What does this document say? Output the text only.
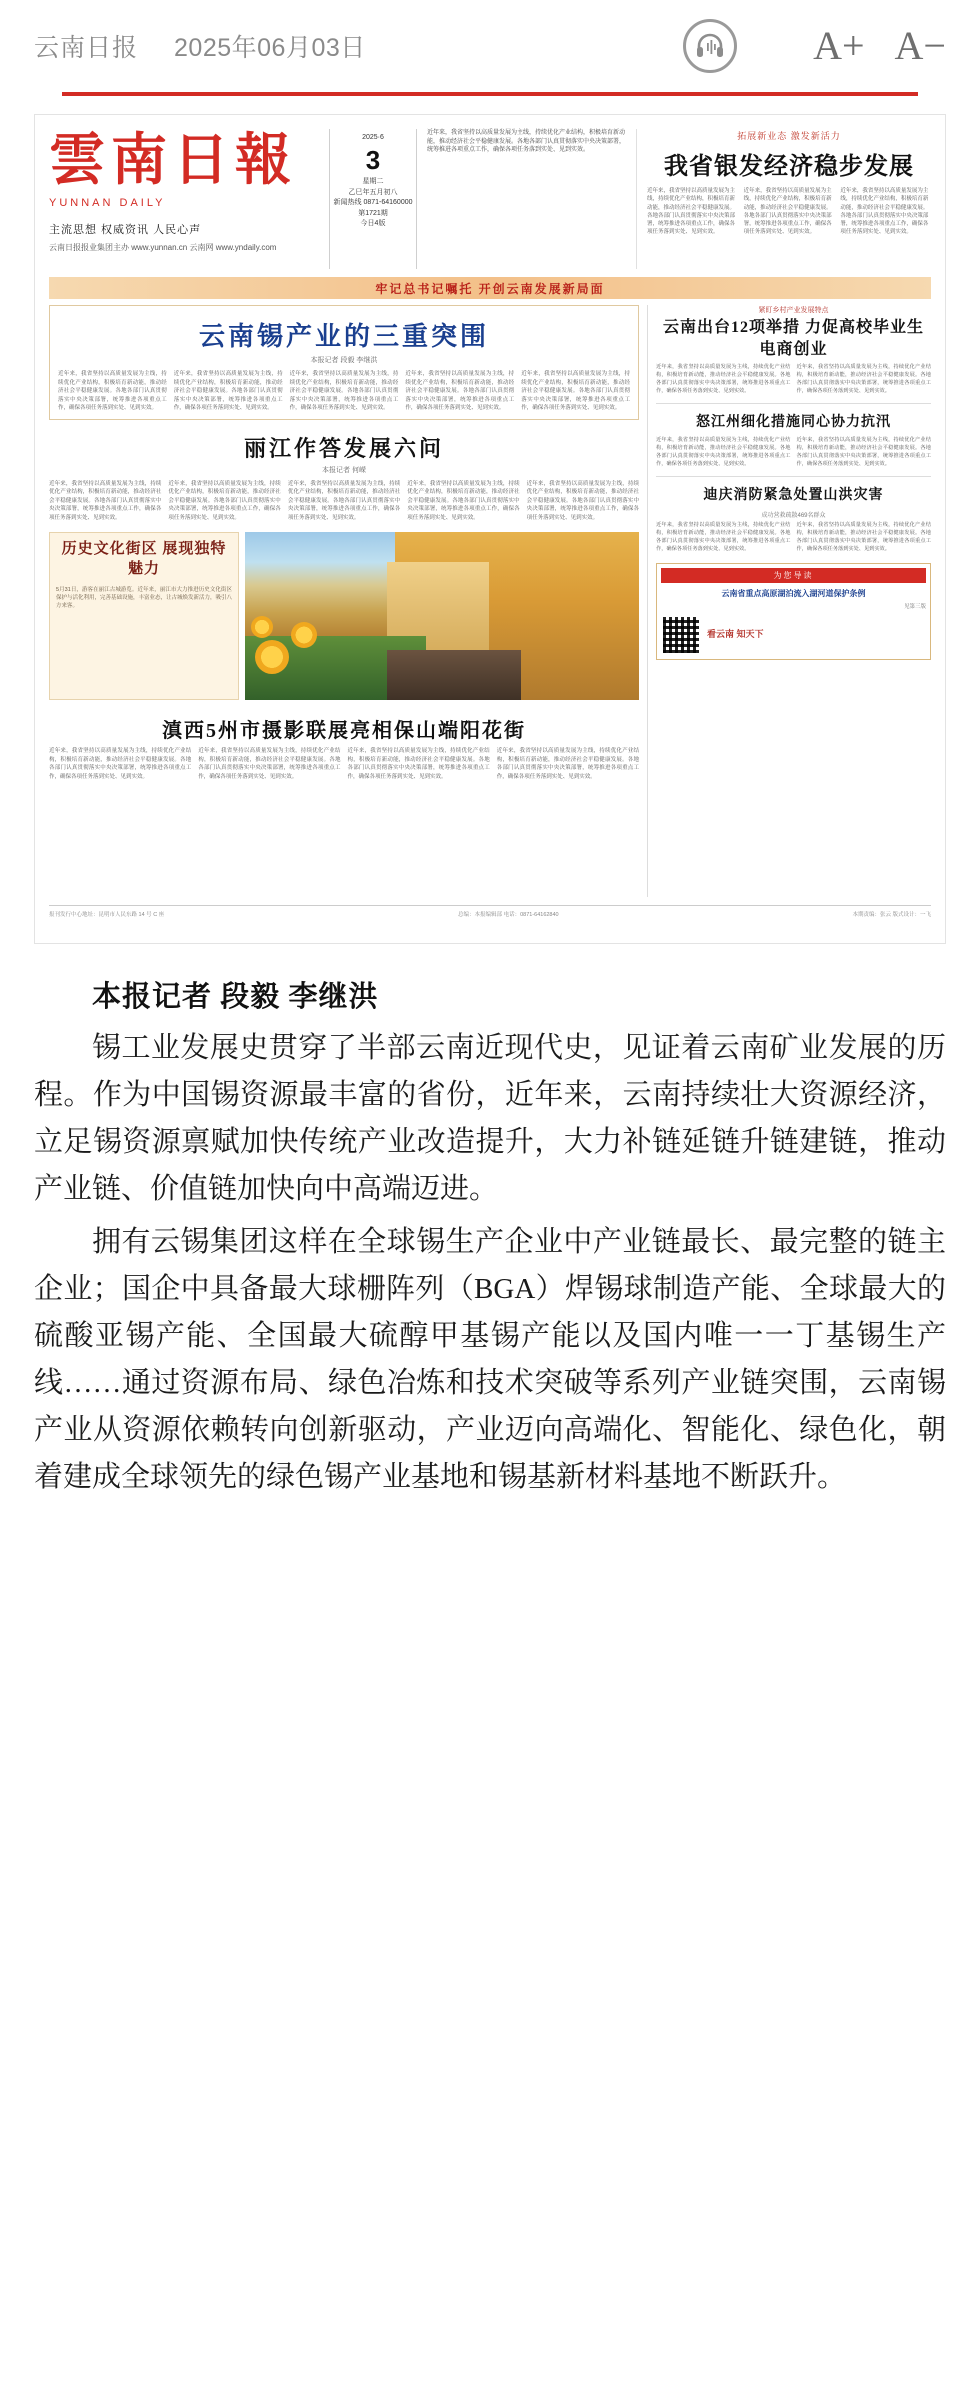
云南日报 2025年06月03日	A+ A−
雲南日報
YUNNAN DAILY
主流思想 权威资讯 人民心声
云南日报报业集团主办 www.yunnan.cn 云南网 www.yndaily.com
2025·6
3
星期二
乙巳年五月初八
新闻热线 0871-64160000
第1721期
今日4版
近年来，我省坚持以高质量发展为主线，持续优化产业结构，积极培育新动能，推动经济社会平稳健康发展。各地各部门认真贯彻落实中央决策部署，统筹推进各项重点工作，确保各项任务落到实处、见到实效。
拓展新业态 激发新活力
我省银发经济稳步发展
近年来，我省坚持以高质量发展为主线，持续优化产业结构，积极培育新动能，推动经济社会平稳健康发展。各地各部门认真贯彻落实中央决策部署，统筹推进各项重点工作，确保各项任务落到实处、见到实效。
近年来，我省坚持以高质量发展为主线，持续优化产业结构，积极培育新动能，推动经济社会平稳健康发展。各地各部门认真贯彻落实中央决策部署，统筹推进各项重点工作，确保各项任务落到实处、见到实效。
近年来，我省坚持以高质量发展为主线，持续优化产业结构，积极培育新动能，推动经济社会平稳健康发展。各地各部门认真贯彻落实中央决策部署，统筹推进各项重点工作，确保各项任务落到实处、见到实效。
牢记总书记嘱托 开创云南发展新局面
云南锡产业的三重突围
本报记者 段毅 李继洪
近年来，我省坚持以高质量发展为主线，持续优化产业结构，积极培育新动能，推动经济社会平稳健康发展。各地各部门认真贯彻落实中央决策部署，统筹推进各项重点工作，确保各项任务落到实处、见到实效。
近年来，我省坚持以高质量发展为主线，持续优化产业结构，积极培育新动能，推动经济社会平稳健康发展。各地各部门认真贯彻落实中央决策部署，统筹推进各项重点工作，确保各项任务落到实处、见到实效。
近年来，我省坚持以高质量发展为主线，持续优化产业结构，积极培育新动能，推动经济社会平稳健康发展。各地各部门认真贯彻落实中央决策部署，统筹推进各项重点工作，确保各项任务落到实处、见到实效。
近年来，我省坚持以高质量发展为主线，持续优化产业结构，积极培育新动能，推动经济社会平稳健康发展。各地各部门认真贯彻落实中央决策部署，统筹推进各项重点工作，确保各项任务落到实处、见到实效。
近年来，我省坚持以高质量发展为主线，持续优化产业结构，积极培育新动能，推动经济社会平稳健康发展。各地各部门认真贯彻落实中央决策部署，统筹推进各项重点工作，确保各项任务落到实处、见到实效。
丽江作答发展六问
本报记者 何嵘
近年来，我省坚持以高质量发展为主线，持续优化产业结构，积极培育新动能，推动经济社会平稳健康发展。各地各部门认真贯彻落实中央决策部署，统筹推进各项重点工作，确保各项任务落到实处、见到实效。
近年来，我省坚持以高质量发展为主线，持续优化产业结构，积极培育新动能，推动经济社会平稳健康发展。各地各部门认真贯彻落实中央决策部署，统筹推进各项重点工作，确保各项任务落到实处、见到实效。
近年来，我省坚持以高质量发展为主线，持续优化产业结构，积极培育新动能，推动经济社会平稳健康发展。各地各部门认真贯彻落实中央决策部署，统筹推进各项重点工作，确保各项任务落到实处、见到实效。
近年来，我省坚持以高质量发展为主线，持续优化产业结构，积极培育新动能，推动经济社会平稳健康发展。各地各部门认真贯彻落实中央决策部署，统筹推进各项重点工作，确保各项任务落到实处、见到实效。
近年来，我省坚持以高质量发展为主线，持续优化产业结构，积极培育新动能，推动经济社会平稳健康发展。各地各部门认真贯彻落实中央决策部署，统筹推进各项重点工作，确保各项任务落到实处、见到实效。
历史文化街区 展现独特魅力
5月31日，游客在丽江古城游览。近年来，丽江市大力推进历史文化街区保护与活化利用，完善基础设施，丰富业态，让古城焕发新活力，吸引八方来客。
滇西5州市摄影联展亮相保山端阳花街
近年来，我省坚持以高质量发展为主线，持续优化产业结构，积极培育新动能，推动经济社会平稳健康发展。各地各部门认真贯彻落实中央决策部署，统筹推进各项重点工作，确保各项任务落到实处、见到实效。
近年来，我省坚持以高质量发展为主线，持续优化产业结构，积极培育新动能，推动经济社会平稳健康发展。各地各部门认真贯彻落实中央决策部署，统筹推进各项重点工作，确保各项任务落到实处、见到实效。
近年来，我省坚持以高质量发展为主线，持续优化产业结构，积极培育新动能，推动经济社会平稳健康发展。各地各部门认真贯彻落实中央决策部署，统筹推进各项重点工作，确保各项任务落到实处、见到实效。
近年来，我省坚持以高质量发展为主线，持续优化产业结构，积极培育新动能，推动经济社会平稳健康发展。各地各部门认真贯彻落实中央决策部署，统筹推进各项重点工作，确保各项任务落到实处、见到实效。
紧盯乡村产业发展特点
云南出台12项举措 力促高校毕业生电商创业
近年来，我省坚持以高质量发展为主线，持续优化产业结构，积极培育新动能，推动经济社会平稳健康发展。各地各部门认真贯彻落实中央决策部署，统筹推进各项重点工作，确保各项任务落到实处、见到实效。
近年来，我省坚持以高质量发展为主线，持续优化产业结构，积极培育新动能，推动经济社会平稳健康发展。各地各部门认真贯彻落实中央决策部署，统筹推进各项重点工作，确保各项任务落到实处、见到实效。
怒江州细化措施同心协力抗汛
近年来，我省坚持以高质量发展为主线，持续优化产业结构，积极培育新动能，推动经济社会平稳健康发展。各地各部门认真贯彻落实中央决策部署，统筹推进各项重点工作，确保各项任务落到实处、见到实效。
近年来，我省坚持以高质量发展为主线，持续优化产业结构，积极培育新动能，推动经济社会平稳健康发展。各地各部门认真贯彻落实中央决策部署，统筹推进各项重点工作，确保各项任务落到实处、见到实效。
迪庆消防紧急处置山洪灾害
成功营救疏散469名群众
近年来，我省坚持以高质量发展为主线，持续优化产业结构，积极培育新动能，推动经济社会平稳健康发展。各地各部门认真贯彻落实中央决策部署，统筹推进各项重点工作，确保各项任务落到实处、见到实效。
近年来，我省坚持以高质量发展为主线，持续优化产业结构，积极培育新动能，推动经济社会平稳健康发展。各地各部门认真贯彻落实中央决策部署，统筹推进各项重点工作，确保各项任务落到实处、见到实效。
为您导读
云南省重点高原湖泊流入湖河道保护条例
见第三版
看云南 知天下
报刊发行中心地址：昆明市人民东路 14 号 C 座	总编：本报编辑部 电话：0871-64162840	本期责编：张云 版式设计：一飞
本报记者 段毅 李继洪

锡工业发展史贯穿了半部云南近现代史，见证着云南矿业发展的历程。作为中国锡资源最丰富的省份，近年来，云南持续壮大资源经济，立足锡资源禀赋加快传统产业改造提升，大力补链延链升链建链，推动产业链、价值链加快向中高端迈进。

拥有云锡集团这样在全球锡生产企业中产业链最长、最完整的链主企业；国企中具备最大球栅阵列（BGA）焊锡球制造产能、全球最大的硫酸亚锡产能、全国最大硫醇甲基锡产能以及国内唯一一丁基锡生产线……通过资源布局、绿色冶炼和技术突破等系列产业链突围，云南锡产业从资源依赖转向创新驱动，产业迈向高端化、智能化、绿色化，朝着建成全球领先的绿色锡产业基地和锡基新材料基地不断跃升。
